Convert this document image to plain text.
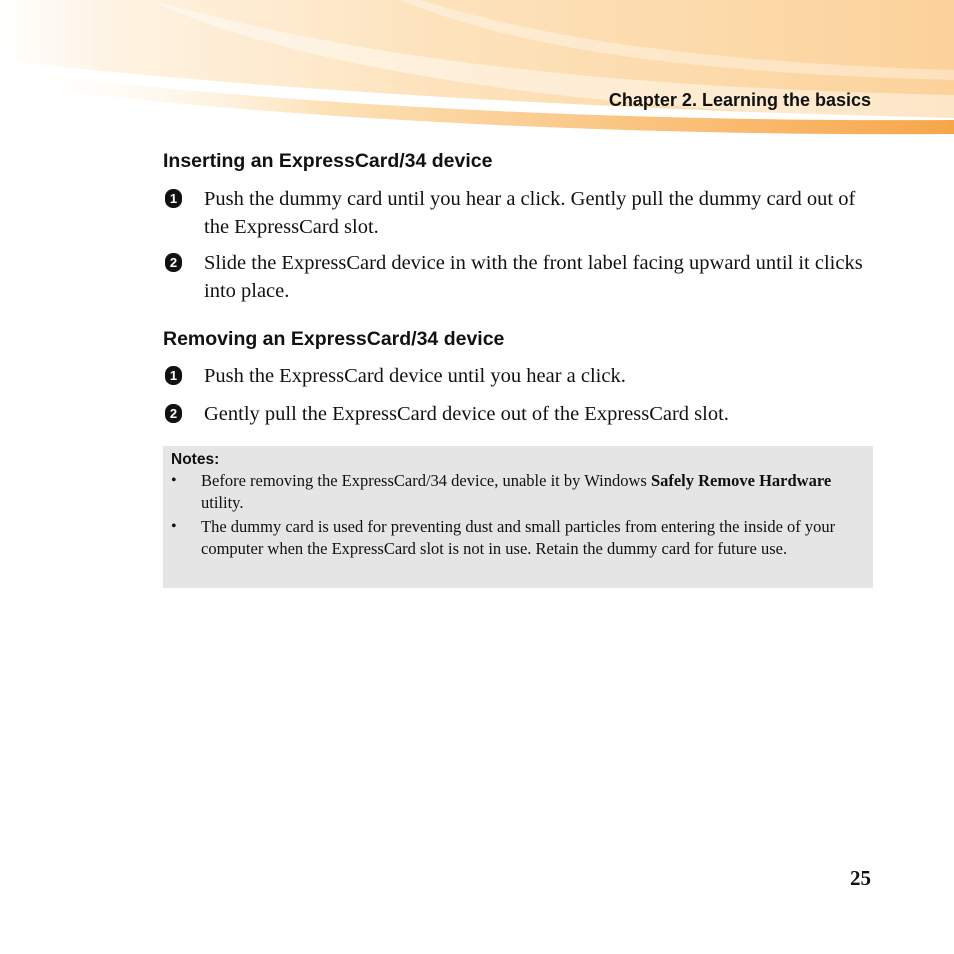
Chapter 2. Learning the basics
Inserting an ExpressCard/34 device
1 Push the dummy card until you hear a click. Gently pull the dummy card out of the ExpressCard slot.
2 Slide the ExpressCard device in with the front label facing upward until it clicks into place.
Removing an ExpressCard/34 device
1 Push the ExpressCard device until you hear a click.
2 Gently pull the ExpressCard device out of the ExpressCard slot.
Notes:
• Before removing the ExpressCard/34 device, unable it by Windows Safely Remove Hardware utility.
• The dummy card is used for preventing dust and small particles from entering the inside of your computer when the ExpressCard slot is not in use. Retain the dummy card for future use.
25
